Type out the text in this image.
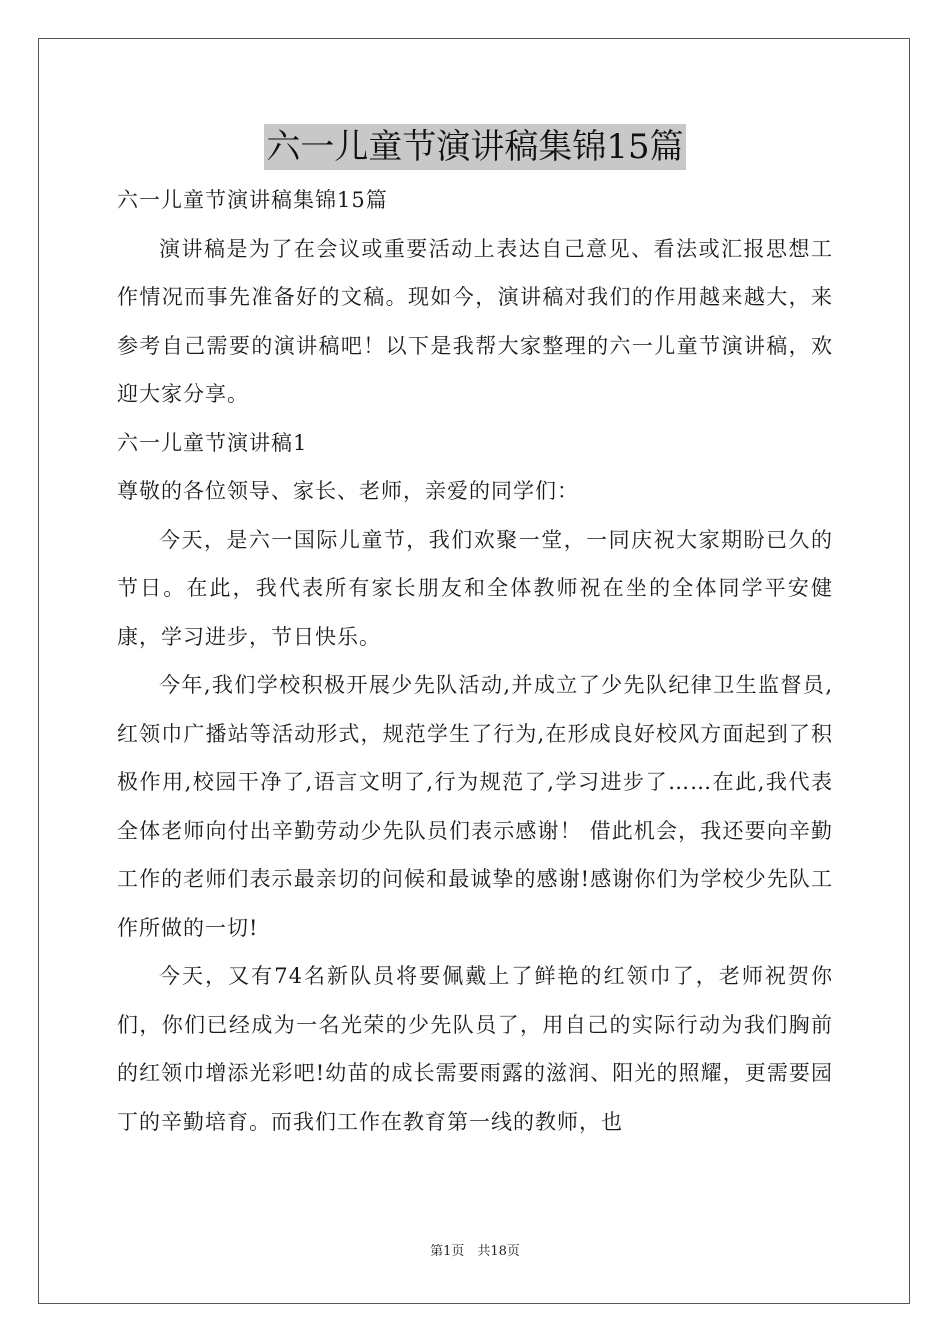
六一儿童节演讲稿集锦15篇

六一儿童节演讲稿集锦15篇

演讲稿是为了在会议或重要活动上表达自己意见、看法或汇报思想工作情况而事先准备好的文稿。现如今，演讲稿对我们的作用越来越大，来参考自己需要的演讲稿吧！以下是我帮大家整理的六一儿童节演讲稿，欢迎大家分享。

六一儿童节演讲稿1

尊敬的各位领导、家长、老师，亲爱的同学们：

今天，是六一国际儿童节，我们欢聚一堂，一同庆祝大家期盼已久的节日。在此，我代表所有家长朋友和全体教师祝在坐的全体同学平安健康，学习进步，节日快乐。

今年,我们学校积极开展少先队活动,并成立了少先队纪律卫生监督员,红领巾广播站等活动形式，规范学生了行为,在形成良好校风方面起到了积极作用,校园干净了,语言文明了,行为规范了,学习进步了……在此,我代表全体老师向付出辛勤劳动少先队员们表示感谢！ 借此机会，我还要向辛勤工作的老师们表示最亲切的问候和最诚挚的感谢!感谢你们为学校少先队工作所做的一切!

今天，又有74名新队员将要佩戴上了鲜艳的红领巾了，老师祝贺你们，你们已经成为一名光荣的少先队员了，用自己的实际行动为我们胸前的红领巾增添光彩吧!幼苗的成长需要雨露的滋润、阳光的照耀，更需要园丁的辛勤培育。而我们工作在教育第一线的教师，也

第1页　共18页
